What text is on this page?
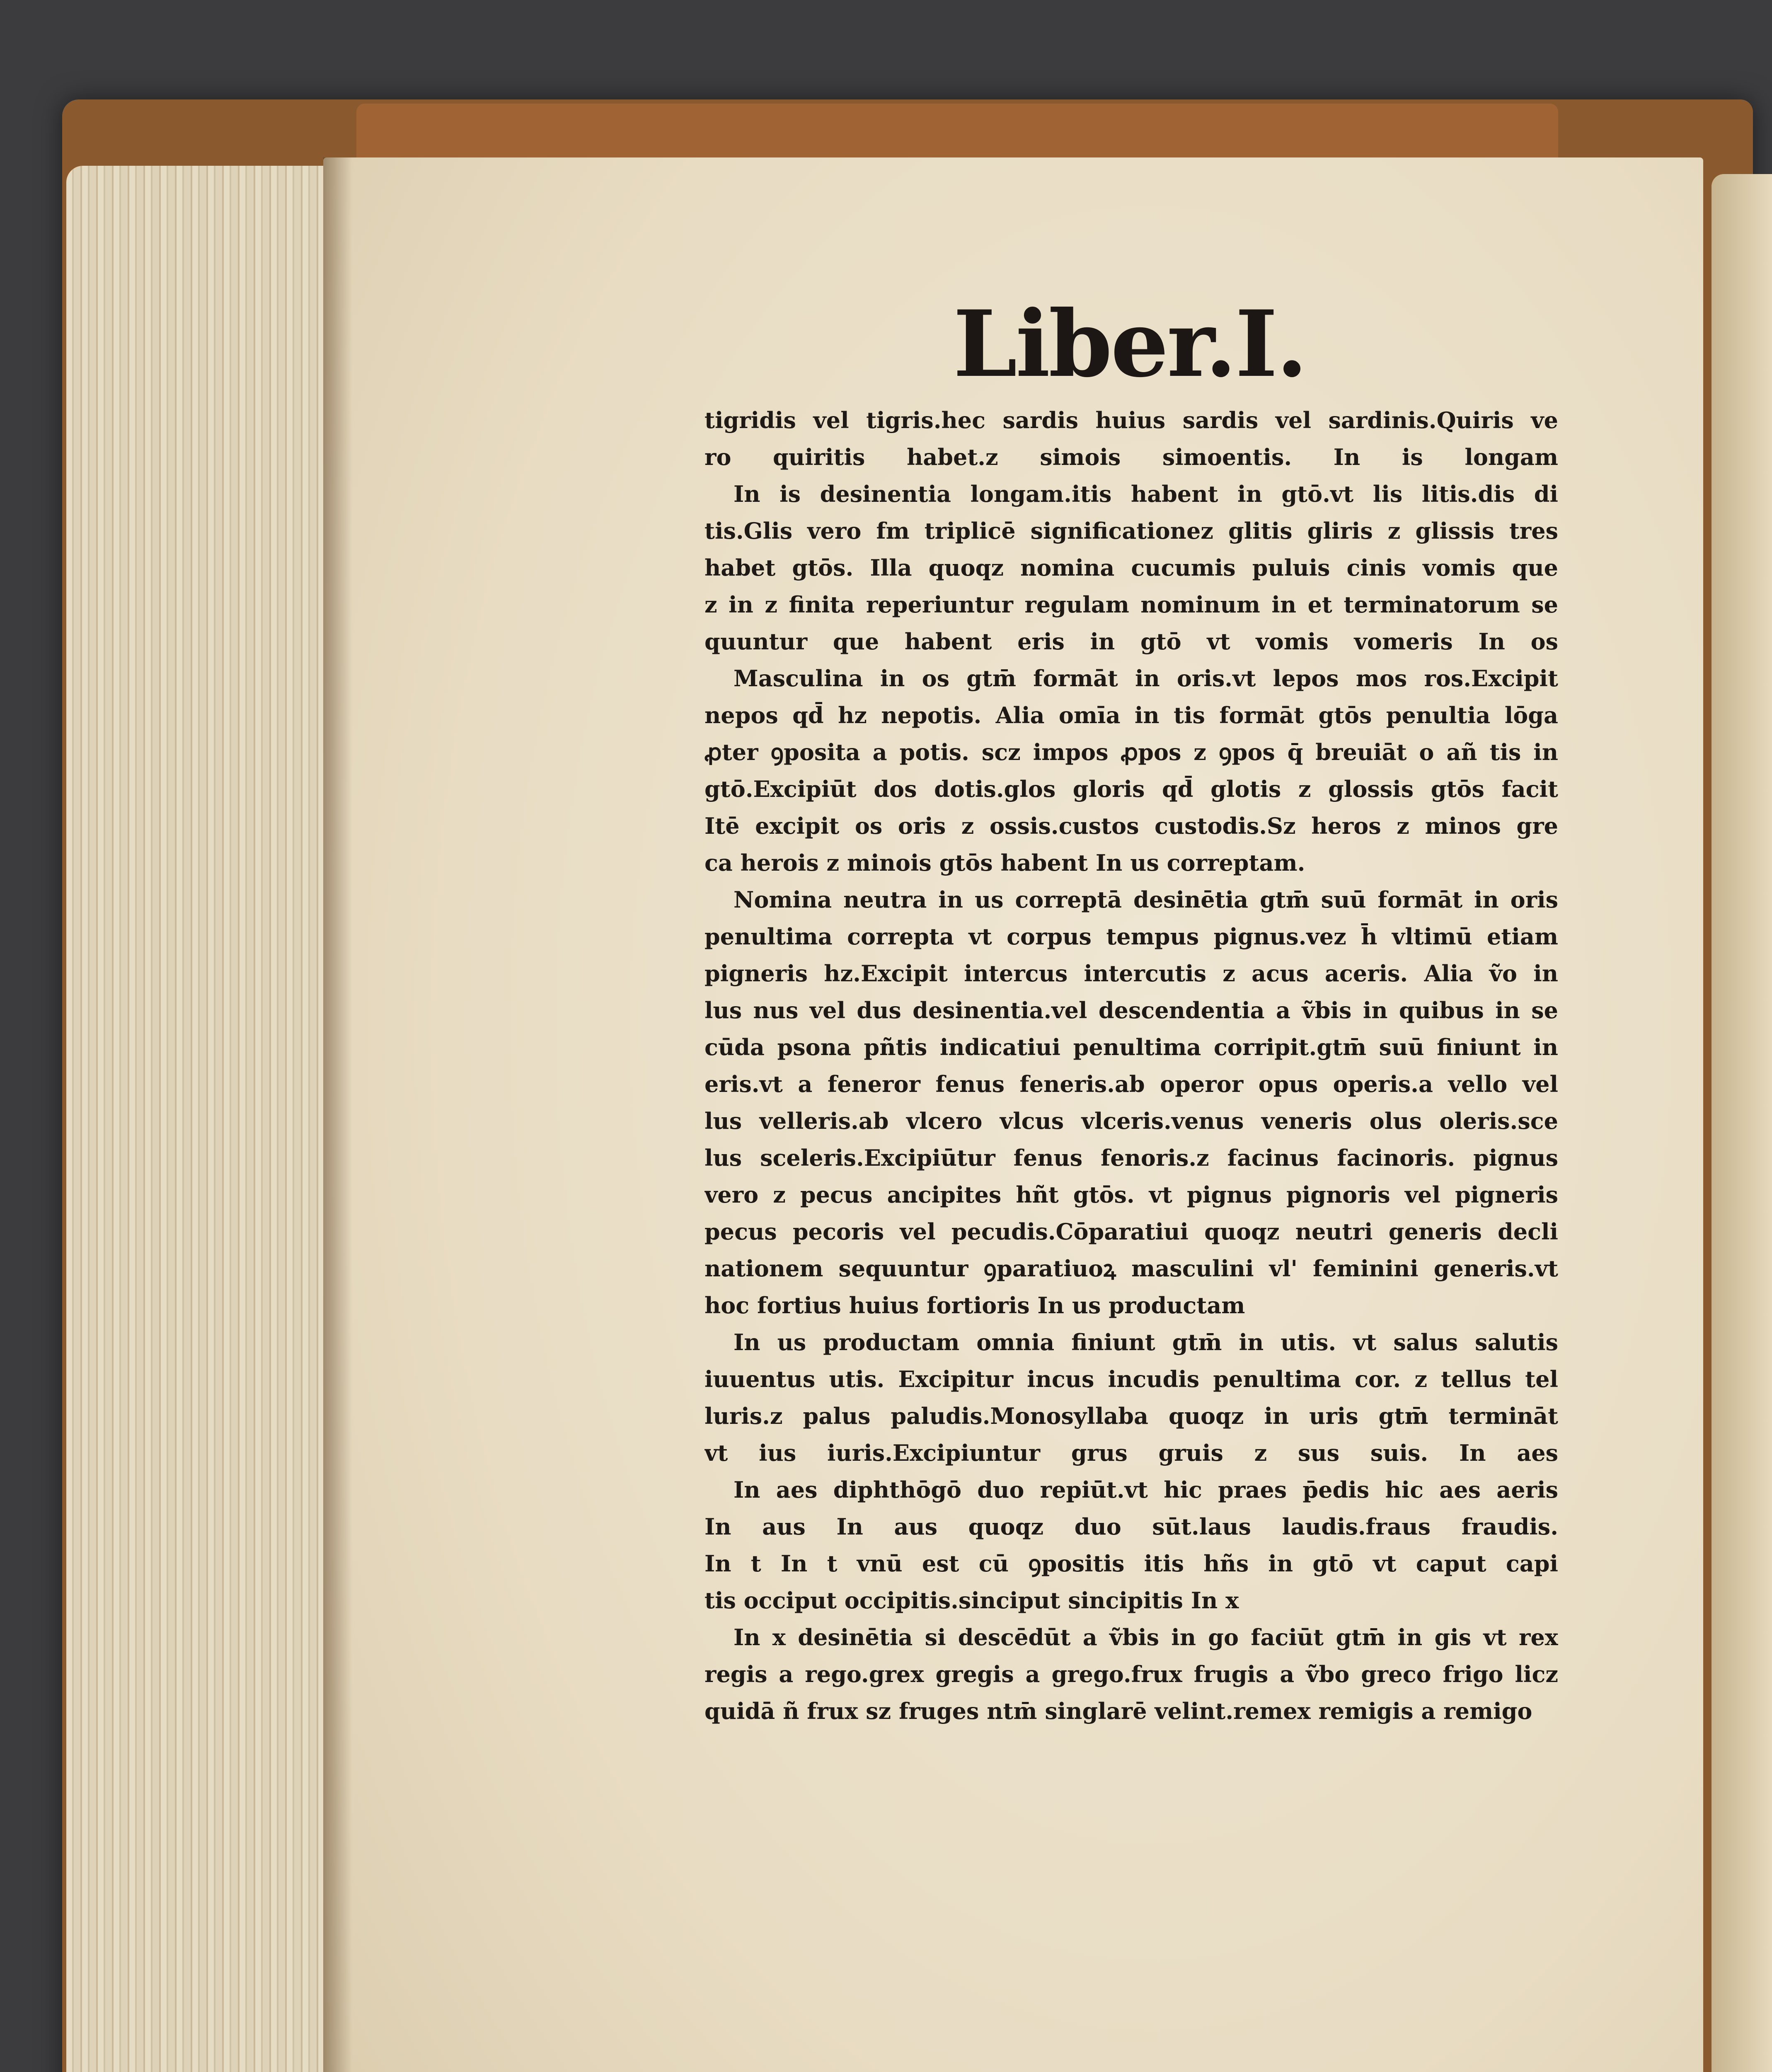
Liber.I.
tigridis vel tigris.hec sardis huius sardis vel sardinis.Quiris ve
ro quiritis habet.z simois simoentis. In is longam
In is desinentia longam.itis habent in gtō.vt lis litis.dis di
tis.Glis vero fm triplicē significationez glitis gliris z glissis tres
habet gtōs. Illa quoqz nomina cucumis puluis cinis vomis que
z in z finita reperiuntur regulam nominum in et terminatorum se
quuntur que habent eris in gtō vt vomis vomeris In os
Masculina in os gtm̄ formāt in oris.vt lepos mos ros.Excipit
nepos qd̄ hz nepotis. Alia omīa in tis formāt gtōs penultia lōga
ꝓter ꝯposita a potis. scz impos ꝓpos z ꝯpos q̄ breuiāt o añ tis in
gtō.Excipiūt dos dotis.glos gloris qd̄ glotis z glossis gtōs facit
Itē excipit os oris z ossis.custos custodis.Sz heros z minos gre
ca herois z minois gtōs habent In us correptam.
Nomina neutra in us correptā desinētia gtm̄ suū formāt in oris
penultima correpta vt corpus tempus pignus.vez h̄ vltimū etiam
pigneris hz.Excipit intercus intercutis z acus aceris. Alia ṽo in
lus nus vel dus desinentia.vel descendentia a ṽbis in quibus in se
cūda psona pñtis indicatiui penultima corripit.gtm̄ suū finiunt in
eris.vt a feneror fenus feneris.ab operor opus operis.a vello vel
lus velleris.ab vlcero vlcus vlceris.venus veneris olus oleris.sce
lus sceleris.Excipiūtur fenus fenoris.z facinus facinoris. pignus
vero z pecus ancipites hñt gtōs. vt pignus pignoris vel pigneris
pecus pecoris vel pecudis.Cōparatiui quoqz neutri generis decli
nationem sequuntur ꝯparatiuoꝝ masculini vl' feminini generis.vt
hoc fortius huius fortioris In us productam
In us productam omnia finiunt gtm̄ in utis. vt salus salutis
iuuentus utis. Excipitur incus incudis penultima cor. z tellus tel
luris.z palus paludis.Monosyllaba quoqz in uris gtm̄ termināt
vt ius iuris.Excipiuntur grus gruis z sus suis. In aes
In aes diphthōgō duo repiūt.vt hic praes p̄edis hic aes aeris
In aus In aus quoqz duo sūt.laus laudis.fraus fraudis.
In t In t vnū est cū ꝯpositis itis hñs in gtō vt caput capi
tis occiput occipitis.sinciput sincipitis In x
In x desinētia si descēdūt a ṽbis in go faciūt gtm̄ in gis vt rex
regis a rego.grex gregis a grego.frux frugis a ṽbo greco frigo licz
quidā ñ frux sz fruges ntm̄ singlarē velint.remex remigis a remigo
